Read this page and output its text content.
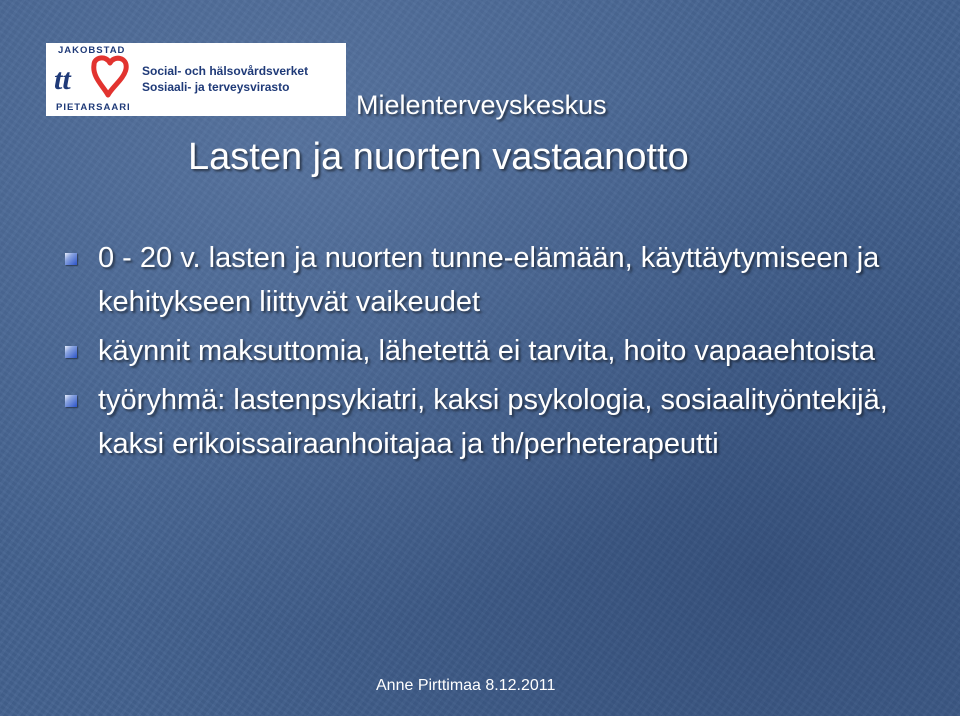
JAKOBSTAD
tt
PIETARSAARI
Social- och hälsovårdsverket
Sosiaali- ja terveysvirasto
Mielenterveyskeskus
Lasten ja nuorten vastaanotto
0 - 20 v. lasten ja nuorten tunne-elämään, käyttäytymiseen ja kehitykseen liittyvät vaikeudet
käynnit maksuttomia, lähetettä ei tarvita, hoito vapaaehtoista
työryhmä: lastenpsykiatri, kaksi psykologia, sosiaalityöntekijä, kaksi erikoissairaanhoitajaa ja th/perheterapeutti
Anne Pirttimaa 8.12.2011
